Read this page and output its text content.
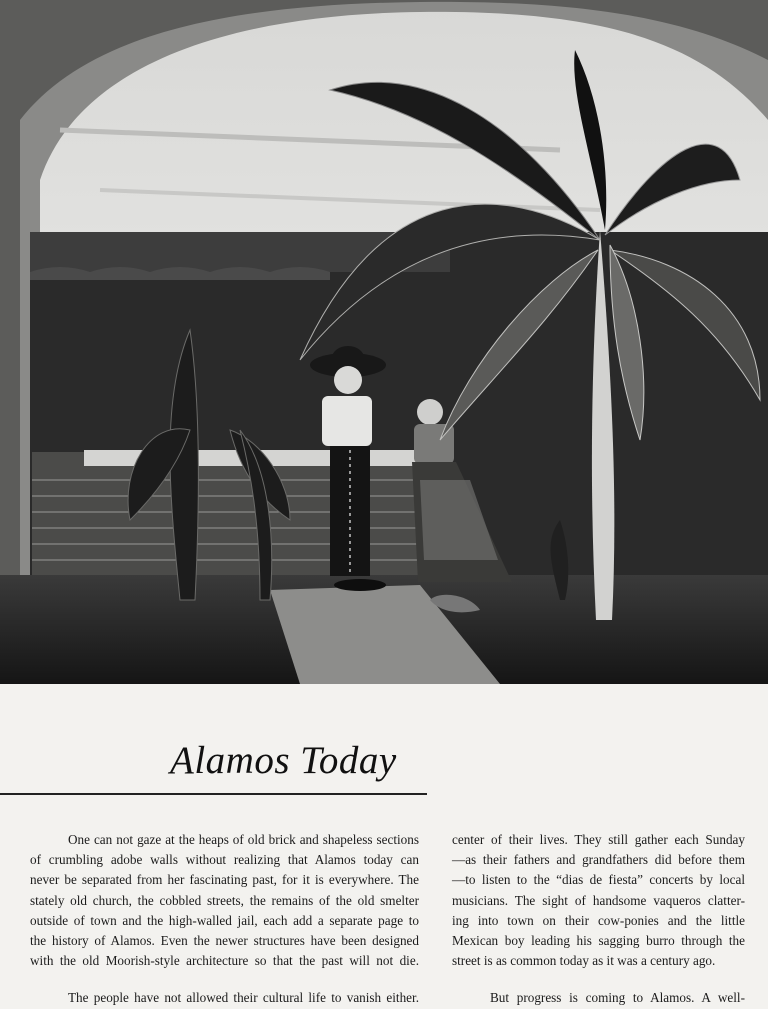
Alamos Today
One can not gaze at the heaps of old brick and shapeless sections
of crumbling adobe walls without realizing that Alamos today can
never be separated from her fascinating past, for it is everywhere. The
stately old church, the cobbled streets, the remains of the old smelter
outside of town and the high-walled jail, each add a separate page to
the history of Alamos. Even the newer structures have been designed
with the old Moorish-style architecture so that the past will not die.
The people have not allowed their cultural life to vanish either.
center of their lives. They still gather each Sunday
—as their fathers and grandfathers did before them
—to listen to the “dias de fiesta” concerts by local
musicians. The sight of handsome vaqueros clatter-
ing into town on their cow-ponies and the little
Mexican boy leading his sagging burro through the
street is as common today as it was a century ago.
But progress is coming to Alamos. A well-
